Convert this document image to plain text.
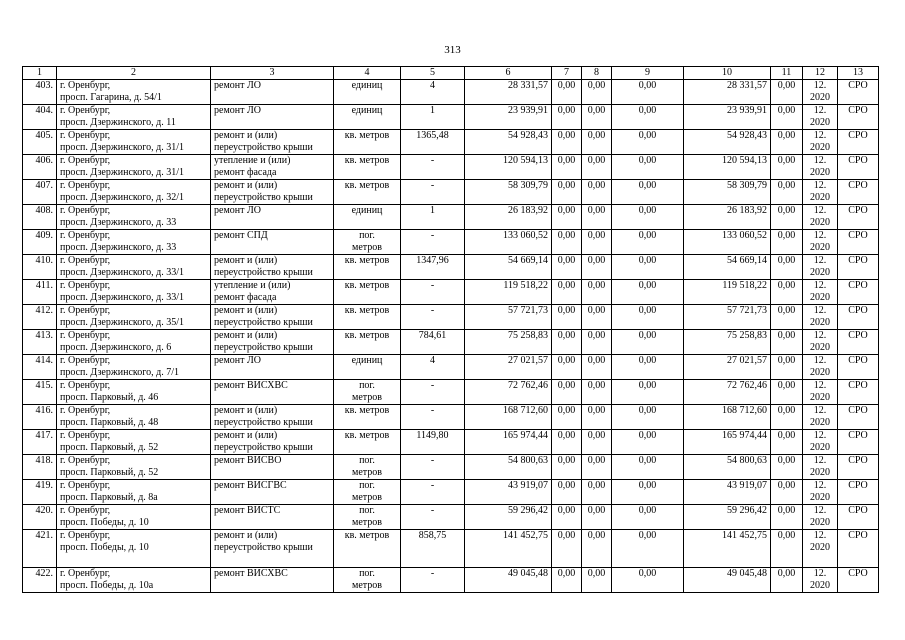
313
1	2	3	4	5	6	7	8	9	10	11	12	13
403.	г. Оренбург,
просп. Гагарина, д. 54/1	ремонт ЛО	единиц	4	28 331,57	0,00	0,00	0,00	28 331,57	0,00	12.
2020	СРО
404.	г. Оренбург,
просп. Дзержинского, д. 11	ремонт ЛО	единиц	1	23 939,91	0,00	0,00	0,00	23 939,91	0,00	12.
2020	СРО
405.	г. Оренбург,
просп. Дзержинского, д. 31/1	ремонт и (или)
переустройство крыши	кв. метров	1365,48	54 928,43	0,00	0,00	0,00	54 928,43	0,00	12.
2020	СРО
406.	г. Оренбург,
просп. Дзержинского, д. 31/1	утепление и (или)
ремонт фасада	кв. метров	-	120 594,13	0,00	0,00	0,00	120 594,13	0,00	12.
2020	СРО
407.	г. Оренбург,
просп. Дзержинского, д. 32/1	ремонт и (или)
переустройство крыши	кв. метров	-	58 309,79	0,00	0,00	0,00	58 309,79	0,00	12.
2020	СРО
408.	г. Оренбург,
просп. Дзержинского, д. 33	ремонт ЛО	единиц	1	26 183,92	0,00	0,00	0,00	26 183,92	0,00	12.
2020	СРО
409.	г. Оренбург,
просп. Дзержинского, д. 33	ремонт СПД	пог.
метров	-	133 060,52	0,00	0,00	0,00	133 060,52	0,00	12.
2020	СРО
410.	г. Оренбург,
просп. Дзержинского, д. 33/1	ремонт и (или)
переустройство крыши	кв. метров	1347,96	54 669,14	0,00	0,00	0,00	54 669,14	0,00	12.
2020	СРО
411.	г. Оренбург,
просп. Дзержинского, д. 33/1	утепление и (или)
ремонт фасада	кв. метров	-	119 518,22	0,00	0,00	0,00	119 518,22	0,00	12.
2020	СРО
412.	г. Оренбург,
просп. Дзержинского, д. 35/1	ремонт и (или)
переустройство крыши	кв. метров	-	57 721,73	0,00	0,00	0,00	57 721,73	0,00	12.
2020	СРО
413.	г. Оренбург,
просп. Дзержинского, д. 6	ремонт и (или)
переустройство крыши	кв. метров	784,61	75 258,83	0,00	0,00	0,00	75 258,83	0,00	12.
2020	СРО
414.	г. Оренбург,
просп. Дзержинского, д. 7/1	ремонт ЛО	единиц	4	27 021,57	0,00	0,00	0,00	27 021,57	0,00	12.
2020	СРО
415.	г. Оренбург,
просп. Парковый, д. 46	ремонт ВИСХВС	пог.
метров	-	72 762,46	0,00	0,00	0,00	72 762,46	0,00	12.
2020	СРО
416.	г. Оренбург,
просп. Парковый, д. 48	ремонт и (или)
переустройство крыши	кв. метров	-	168 712,60	0,00	0,00	0,00	168 712,60	0,00	12.
2020	СРО
417.	г. Оренбург,
просп. Парковый, д. 52	ремонт и (или)
переустройство крыши	кв. метров	1149,80	165 974,44	0,00	0,00	0,00	165 974,44	0,00	12.
2020	СРО
418.	г. Оренбург,
просп. Парковый, д. 52	ремонт ВИСВО	пог.
метров	-	54 800,63	0,00	0,00	0,00	54 800,63	0,00	12.
2020	СРО
419.	г. Оренбург,
просп. Парковый, д. 8а	ремонт ВИСГВС	пог.
метров	-	43 919,07	0,00	0,00	0,00	43 919,07	0,00	12.
2020	СРО
420.	г. Оренбург,
просп. Победы, д. 10	ремонт ВИСТС	пог.
метров	-	59 296,42	0,00	0,00	0,00	59 296,42	0,00	12.
2020	СРО
421.	г. Оренбург,
просп. Победы, д. 10	ремонт и (или)
переустройство крыши	кв. метров	858,75	141 452,75	0,00	0,00	0,00	141 452,75	0,00	12.
2020	СРО
422.	г. Оренбург,
просп. Победы, д. 10а	ремонт ВИСХВС	пог.
метров	-	49 045,48	0,00	0,00	0,00	49 045,48	0,00	12.
2020	СРО
